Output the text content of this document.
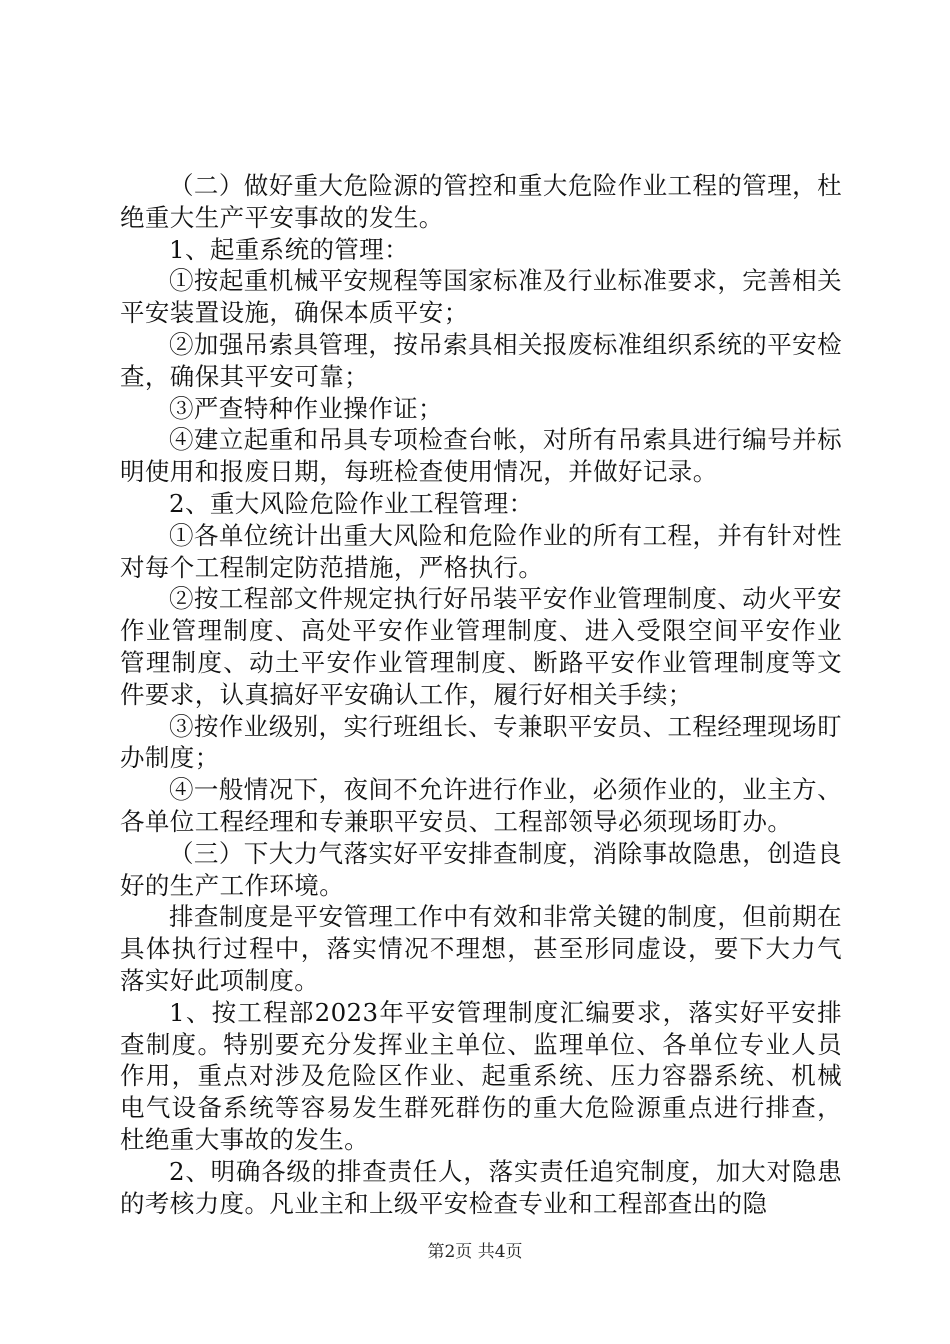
（二）做好重大危险源的管控和重大危险作业工程的管理，杜绝重大生产平安事故的发生。

1、起重系统的管理：

①按起重机械平安规程等国家标准及行业标准要求，完善相关平安装置设施，确保本质平安；

②加强吊索具管理，按吊索具相关报废标准组织系统的平安检查，确保其平安可靠；

③严查特种作业操作证；

④建立起重和吊具专项检查台帐，对所有吊索具进行编号并标明使用和报废日期，每班检查使用情况，并做好记录。

2、重大风险危险作业工程管理：

①各单位统计出重大风险和危险作业的所有工程，并有针对性对每个工程制定防范措施，严格执行。

②按工程部文件规定执行好吊装平安作业管理制度、动火平安作业管理制度、高处平安作业管理制度、进入受限空间平安作业管理制度、动土平安作业管理制度、断路平安作业管理制度等文件要求，认真搞好平安确认工作，履行好相关手续；

③按作业级别，实行班组长、专兼职平安员、工程经理现场盯办制度；

④一般情况下，夜间不允许进行作业，必须作业的，业主方、各单位工程经理和专兼职平安员、工程部领导必须现场盯办。

（三）下大力气落实好平安排查制度，消除事故隐患，创造良好的生产工作环境。

排查制度是平安管理工作中有效和非常关键的制度，但前期在具体执行过程中，落实情况不理想，甚至形同虚设，要下大力气落实好此项制度。

1、按工程部2023年平安管理制度汇编要求，落实好平安排查制度。特别要充分发挥业主单位、监理单位、各单位专业人员作用，重点对涉及危险区作业、起重系统、压力容器系统、机械电气设备系统等容易发生群死群伤的重大危险源重点进行排查，杜绝重大事故的发生。

2、明确各级的排查责任人，落实责任追究制度，加大对隐患的考核力度。凡业主和上级平安检查专业和工程部查出的隐

第2页 共4页
